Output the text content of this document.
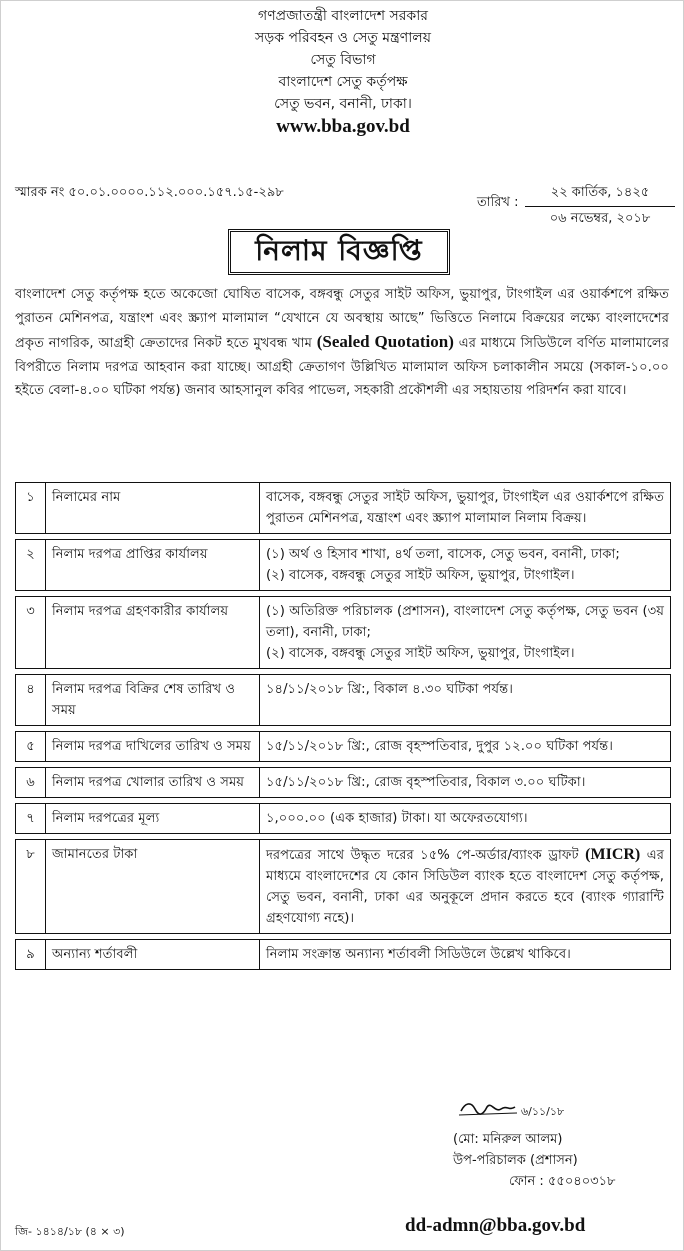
গণপ্রজাতন্ত্রী বাংলাদেশ সরকার
সড়ক পরিবহন ও সেতু মন্ত্রণালয়
সেতু বিভাগ
বাংলাদেশ সেতু কর্তৃপক্ষ
সেতু ভবন, বনানী, ঢাকা।
www.bba.gov.bd
স্মারক নং ৫০.০১.০০০০.১১২.০০০.১৫৭.১৫-২৯৮
তারিখ :
২২ কার্তিক, ১৪২৫
০৬ নভেম্বর, ২০১৮
নিলাম বিজ্ঞপ্তি

বাংলাদেশ সেতু কর্তৃপক্ষ হতে অকেজো ঘোষিত বাসেক, বঙ্গবন্ধু সেতুর সাইট অফিস, ভুয়াপুর, টাংগাইল এর ওয়ার্কশপে রক্ষিত পুরাতন মেশিনপত্র, যন্ত্রাংশ এবং স্ক্র্যাপ মালামাল “যেখানে যে অবস্থায় আছে” ভিত্তিতে নিলামে বিক্রয়ের লক্ষ্যে বাংলাদেশের প্রকৃত নাগরিক, আগ্রহী ক্রেতাদের নিকট হতে মুখবন্ধ খাম (Sealed Quotation) এর মাধ্যমে সিডিউলে বর্ণিত মালামালের বিপরীতে নিলাম দরপত্র আহবান করা যাচ্ছে। আগ্রহী ক্রেতাগণ উল্লিখিত মালামাল অফিস চলাকালীন সময়ে (সকাল-১০.০০ হইতে বেলা-৪.০০ ঘটিকা পর্যন্ত) জনাব আহসানুল কবির পাভেল, সহকারী প্রকৌশলী এর সহায়তায় পরিদর্শন করা যাবে।

১	নিলামের নাম	বাসেক, বঙ্গবন্ধু সেতুর সাইট অফিস, ভুয়াপুর, টাংগাইল এর ওয়ার্কশপে রক্ষিত পুরাতন মেশিনপত্র, যন্ত্রাংশ এবং স্ক্র্যাপ মালামাল নিলাম বিক্রয়।

২	নিলাম দরপত্র প্রাপ্তির কার্যালয়	(১) অর্থ ও হিসাব শাখা, ৪র্থ তলা, বাসেক, সেতু ভবন, বনানী, ঢাকা;
(২) বাসেক, বঙ্গবন্ধু সেতুর সাইট অফিস, ভুয়াপুর, টাংগাইল।

৩	নিলাম দরপত্র গ্রহণকারীর কার্যালয়	(১) অতিরিক্ত পরিচালক (প্রশাসন), বাংলাদেশ সেতু কর্তৃপক্ষ, সেতু ভবন (৩য় তলা), বনানী, ঢাকা;
(২) বাসেক, বঙ্গবন্ধু সেতুর সাইট অফিস, ভুয়াপুর, টাংগাইল।

৪	নিলাম দরপত্র বিক্রির শেষ তারিখ ও সময়	১৪/১১/২০১৮ খ্রি:, বিকাল ৪.৩০ ঘটিকা পর্যন্ত।

৫	নিলাম দরপত্র দাখিলের তারিখ ও সময়	১৫/১১/২০১৮ খ্রি:, রোজ বৃহস্পতিবার, দুপুর ১২.০০ ঘটিকা পর্যন্ত।

৬	নিলাম দরপত্র খোলার তারিখ ও সময়	১৫/১১/২০১৮ খ্রি:, রোজ বৃহস্পতিবার, বিকাল ৩.০০ ঘটিকা।

৭	নিলাম দরপত্রের মূল্য	১,০০০.০০ (এক হাজার) টাকা। যা অফেরতযোগ্য।

৮	জামানতের টাকা	দরপত্রের সাথে উদ্ধৃত দরের ১৫% পে-অর্ডার/ব্যাংক ড্রাফট (MICR) এর মাধ্যমে বাংলাদেশের যে কোন সিডিউল ব্যাংক হতে বাংলাদেশ সেতু কর্তৃপক্ষ, সেতু ভবন, বনানী, ঢাকা এর অনুকূলে প্রদান করতে হবে (ব্যাংক গ্যারান্টি গ্রহণযোগ্য নহে)।

৯	অন্যান্য শর্তাবলী	নিলাম সংক্রান্ত অন্যান্য শর্তাবলী সিডিউলে উল্লেখ থাকিবে।
৬/১১/১৮
(মো: মনিরুল আলম)
উপ-পরিচালক (প্রশাসন)
ফোন : ৫৫০৪০৩১৮
জি- ১৪১৪/১৮ (৪ × ৩)	dd-admn@bba.gov.bd
